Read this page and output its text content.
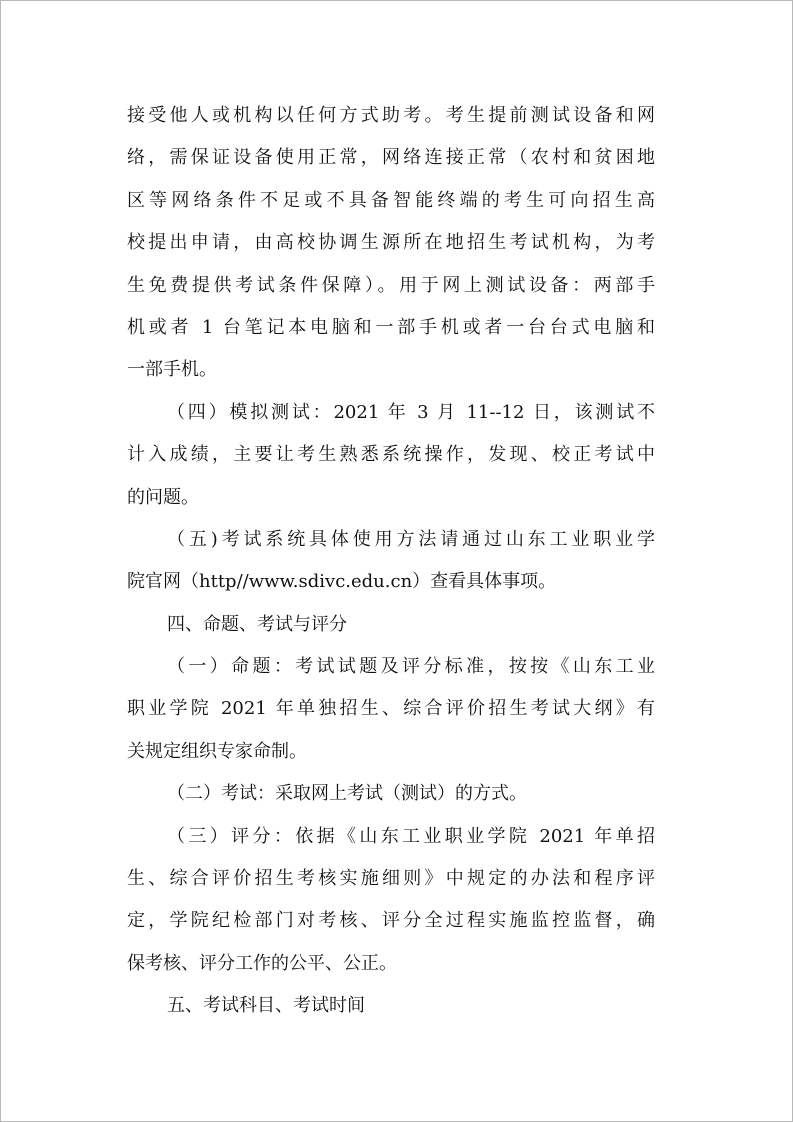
接受他人或机构以任何方式助考。考生提前测试设备和网
络，需保证设备使用正常，网络连接正常（农村和贫困地
区等网络条件不足或不具备智能终端的考生可向招生高
校提出申请，由高校协调生源所在地招生考试机构，为考
生免费提供考试条件保障）。用于网上测试设备：两部手
机或者 1 台笔记本电脑和一部手机或者一台台式电脑和
一部手机。
（四）模拟测试：2021 年 3 月 11--12 日，该测试不
计入成绩，主要让考生熟悉系统操作，发现、校正考试中
的问题。
（五)考试系统具体使用方法请通过山东工业职业学
院官网（http//www.sdivc.edu.cn）查看具体事项。
四、命题、考试与评分
（一）命题：考试试题及评分标准，按按《山东工业
职业学院 2021 年单独招生、综合评价招生考试大纲》有
关规定组织专家命制。
（二）考试：采取网上考试（测试）的方式。
（三）评分：依据《山东工业职业学院 2021 年单招
生、综合评价招生考核实施细则》中规定的办法和程序评
定，学院纪检部门对考核、评分全过程实施监控监督，确
保考核、评分工作的公平、公正。
五、考试科目、考试时间
